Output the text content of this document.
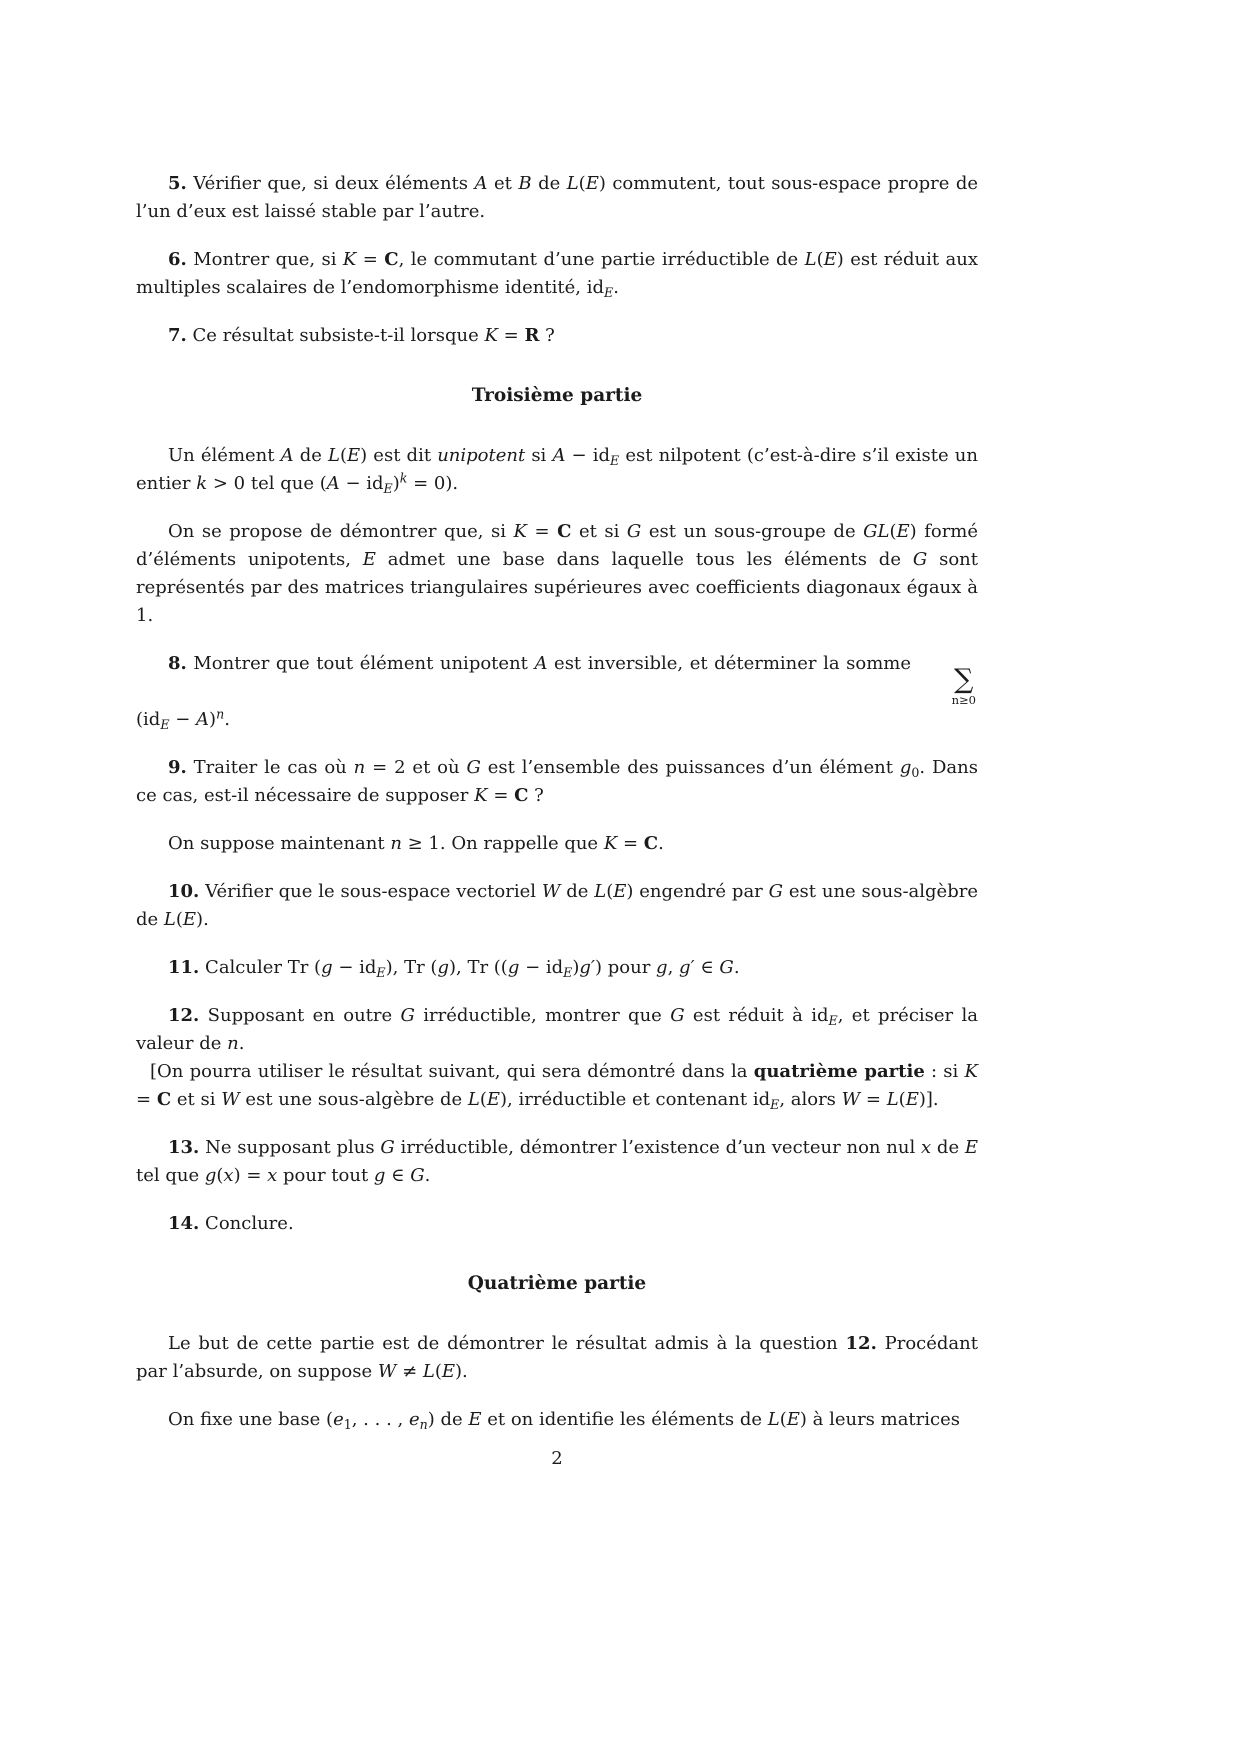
5. Vérifier que, si deux éléments A et B de L(E) commutent, tout sous-espace propre de l’un d’eux est laissé stable par l’autre.

6. Montrer que, si K = C, le commutant d’une partie irréductible de L(E) est réduit aux multiples scalaires de l’endomorphisme identité, $id_E$.

7. Ce résultat subsiste-t-il lorsque K = R ?

Troisième partie

Un élément A de L(E) est dit unipotent si $A - id_E$ est nilpotent (c’est-à-dire s’il existe un entier k > 0 tel que $(A - id_E)^k = 0$).

On se propose de démontrer que, si K = C et si G est un sous-groupe de GL(E) formé d’éléments unipotents, E admet une base dans laquelle tous les éléments de G sont représentés par des matrices triangulaires supérieures avec coefficients diagonaux égaux à 1.

8. Montrer que tout élément unipotent A est inversible, et déterminer la somme
∑
n≥0
$(id_E - A)^n$.

9. Traiter le cas où n = 2 et où G est l’ensemble des puissances d’un élément $g_0$. Dans ce cas, est-il nécessaire de supposer K = C ?

On suppose maintenant n ≥ 1. On rappelle que K = C.

10. Vérifier que le sous-espace vectoriel W de L(E) engendré par G est une sous-algèbre de L(E).

11. Calculer Tr $(g - id_E)$, Tr (g), Tr $((g - id_E)g')$ pour g, g′ ∈ G.

12. Supposant en outre G irréductible, montrer que G est réduit à $id_E$, et préciser la valeur de n.

[On pourra utiliser le résultat suivant, qui sera démontré dans la quatrième partie : si K = C et si W est une sous-algèbre de L(E), irréductible et contenant $id_E$, alors W = L(E)].

13. Ne supposant plus G irréductible, démontrer l’existence d’un vecteur non nul x de E tel que g(x) = x pour tout g ∈ G.

14. Conclure.

Quatrième partie

Le but de cette partie est de démontrer le résultat admis à la question 12. Procédant par l’absurde, on suppose W ≠ L(E).

On fixe une base ($e_1$, . . . , $e_n$) de E et on identifie les éléments de L(E) à leurs matrices

2
